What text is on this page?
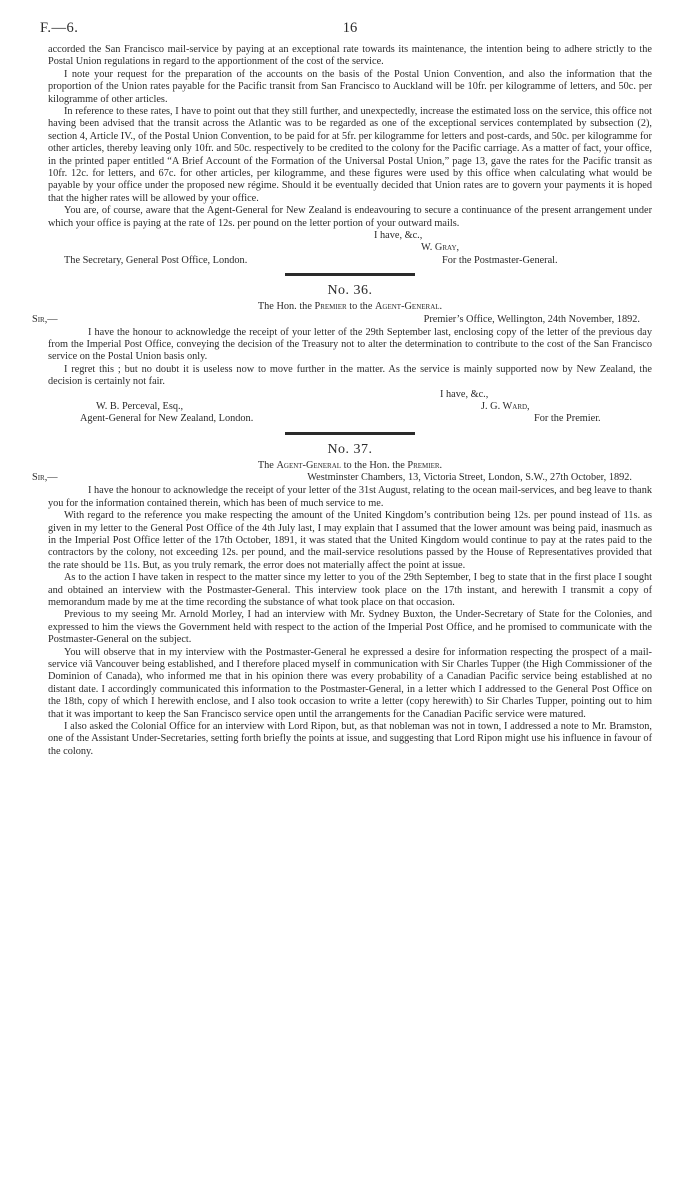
F.—6.	16

accorded the San Francisco mail-service by paying at an exceptional rate towards its maintenance, the intention being to adhere strictly to the Postal Union regulations in regard to the apportionment of the cost of the service.

I note your request for the preparation of the accounts on the basis of the Postal Union Convention, and also the information that the proportion of the Union rates payable for the Pacific transit from San Francisco to Auckland will be 10fr. per kilogramme of letters, and 50c. per kilogramme of other articles.

In reference to these rates, I have to point out that they still further, and unexpectedly, increase the estimated loss on the service, this office not having been advised that the transit across the Atlantic was to be regarded as one of the exceptional services contemplated by subsection (2), section 4, Article IV., of the Postal Union Convention, to be paid for at 5fr. per kilogramme for letters and post-cards, and 50c. per kilogramme for other articles, thereby leaving only 10fr. and 50c. respectively to be credited to the colony for the Pacific carriage. As a matter of fact, your office, in the printed paper entitled “A Brief Account of the Formation of the Universal Postal Union,” page 13, gave the rates for the Pacific transit as 10fr. 12c. for letters, and 67c. for other articles, per kilogramme, and these figures were used by this office when calculating what would be payable by your office under the proposed new régime. Should it be eventually decided that Union rates are to govern your payments it is hoped that the higher rates will be allowed by your office.

You are, of course, aware that the Agent-General for New Zealand is endeavouring to secure a continuance of the present arrangement under which your office is paying at the rate of 12s. per pound on the letter portion of your outward mails.

I have, &c.,
W. Gray,
The Secretary, General Post Office, London.	For the Postmaster-General.
No. 36.
The Hon. the Premier to the Agent-General.
Sir,—	Premier’s Office, Wellington, 24th November, 1892.

I have the honour to acknowledge the receipt of your letter of the 29th September last, enclosing copy of the letter of the previous day from the Imperial Post Office, conveying the decision of the Treasury not to alter the determination to contribute to the cost of the San Francisco service on the Postal Union basis only.

I regret this ; but no doubt it is useless now to move further in the matter. As the service is mainly supported now by New Zealand, the decision is certainly not fair.

I have, &c.,
W. B. Perceval, Esq.,	J. G. Ward,
Agent-General for New Zealand, London.	For the Premier.
No. 37.
The Agent-General to the Hon. the Premier.
Sir,—	Westminster Chambers, 13, Victoria Street, London, S.W., 27th October, 1892.

I have the honour to acknowledge the receipt of your letter of the 31st August, relating to the ocean mail-services, and beg leave to thank you for the information contained therein, which has been of much service to me.

With regard to the reference you make respecting the amount of the United Kingdom’s contribution being 12s. per pound instead of 11s. as given in my letter to the General Post Office of the 4th July last, I may explain that I assumed that the lower amount was being paid, inasmuch as in the Imperial Post Office letter of the 17th October, 1891, it was stated that the United Kingdom would continue to pay at the rates paid to the contractors by the colony, not exceeding 12s. per pound, and the mail-service resolutions passed by the House of Representatives provided that the rate should be 11s. But, as you truly remark, the error does not materially affect the point at issue.

As to the action I have taken in respect to the matter since my letter to you of the 29th September, I beg to state that in the first place I sought and obtained an interview with the Postmaster-General. This interview took place on the 17th instant, and herewith I transmit a copy of memorandum made by me at the time recording the substance of what took place on that occasion.

Previous to my seeing Mr. Arnold Morley, I had an interview with Mr. Sydney Buxton, the Under-Secretary of State for the Colonies, and expressed to him the views the Government held with respect to the action of the Imperial Post Office, and he promised to communicate with the Postmaster-General on the subject.

You will observe that in my interview with the Postmaster-General he expressed a desire for information respecting the prospect of a mail-service viâ Vancouver being established, and I therefore placed myself in communication with Sir Charles Tupper (the High Commissioner of the Dominion of Canada), who informed me that in his opinion there was every probability of a Canadian Pacific service being established at no distant date. I accordingly communicated this information to the Postmaster-General, in a letter which I addressed to the General Post Office on the 18th, copy of which I herewith enclose, and I also took occasion to write a letter (copy herewith) to Sir Charles Tupper, pointing out to him that it was important to keep the San Francisco service open until the arrangements for the Canadian Pacific service were matured.

I also asked the Colonial Office for an interview with Lord Ripon, but, as that nobleman was not in town, I addressed a note to Mr. Bramston, one of the Assistant Under-Secretaries, setting forth briefly the points at issue, and suggesting that Lord Ripon might use his influence in favour of the colony.
